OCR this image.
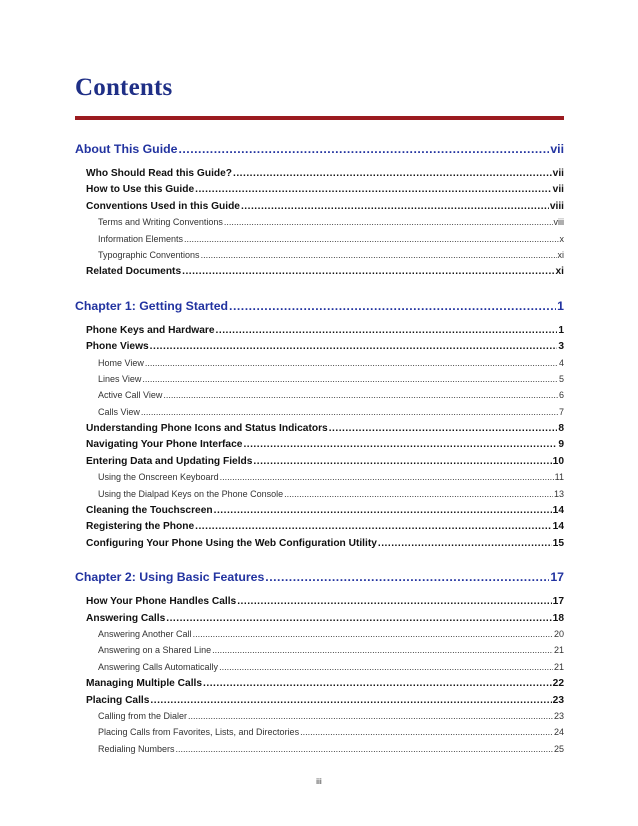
Contents
About This Guide .....	vii
Who Should Read this Guide? .....	vii
How to Use this Guide .....	vii
Conventions Used in this Guide .....	viii
Terms and Writing Conventions .....	viii
Information Elements .....	x
Typographic Conventions .....	xi
Related Documents .....	xi
Chapter 1: Getting Started .....	1
Phone Keys and Hardware .....	1
Phone Views .....	3
Home View .....	4
Lines View .....	5
Active Call View .....	6
Calls View .....	7
Understanding Phone Icons and Status Indicators .....	8
Navigating Your Phone Interface .....	9
Entering Data and Updating Fields .....	10
Using the Onscreen Keyboard .....	11
Using the Dialpad Keys on the Phone Console .....	13
Cleaning the Touchscreen .....	14
Registering the Phone .....	14
Configuring Your Phone Using the Web Configuration Utility .....	15
Chapter 2: Using Basic Features .....	17
How Your Phone Handles Calls .....	17
Answering Calls .....	18
Answering Another Call .....	20
Answering on a Shared Line .....	21
Answering Calls Automatically .....	21
Managing Multiple Calls .....	22
Placing Calls .....	23
Calling from the Dialer .....	23
Placing Calls from Favorites, Lists, and Directories .....	24
Redialing Numbers .....	25
iii
